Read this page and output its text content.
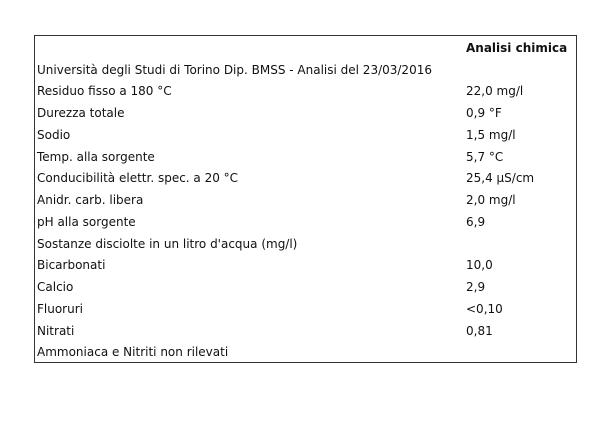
Analisi chimica
Università degli Studi di Torino Dip. BMSS - Analisi del 23/03/2016
Residuo fisso a 180 °C	22,0 mg/l
Durezza totale	0,9 °F
Sodio	1,5 mg/l
Temp. alla sorgente	5,7 °C
Conducibilità elettr. spec. a 20 °C	25,4 µS/cm
Anidr. carb. libera	2,0 mg/l
pH alla sorgente	6,9
Sostanze disciolte in un litro d'acqua (mg/l)
Bicarbonati	10,0
Calcio	2,9
Fluoruri	<0,10
Nitrati	0,81
Ammoniaca e Nitriti non rilevati
